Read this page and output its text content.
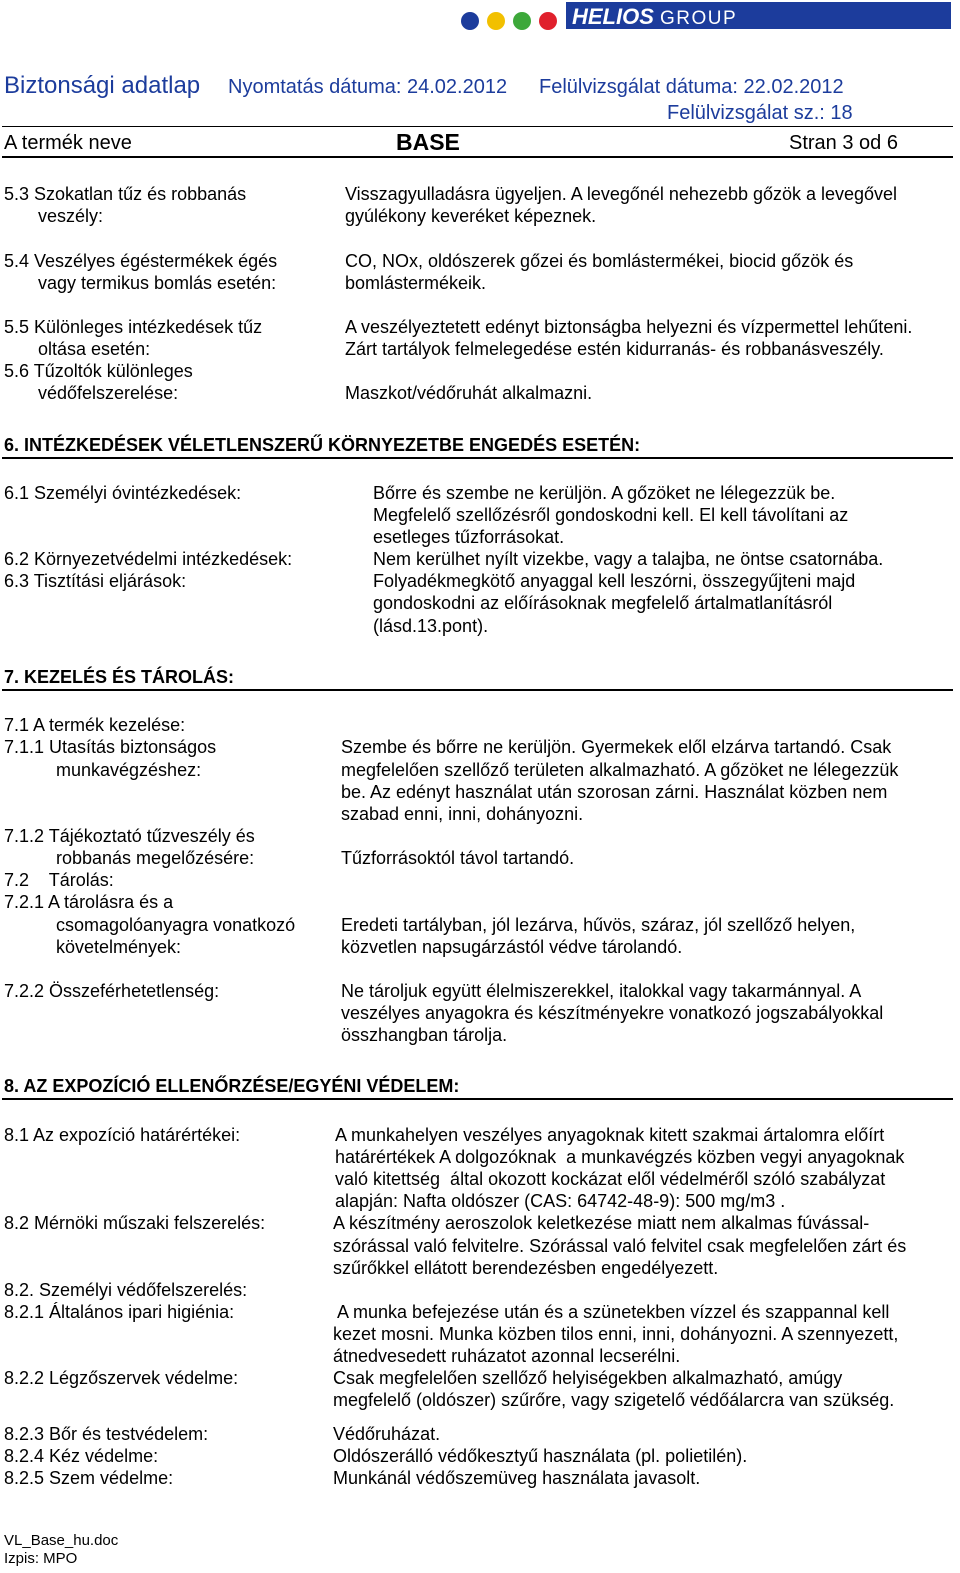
HELIOS GROUP
Biztonsági adatlap Nyomtatás dátuma: 24.02.2012 Felülvizsgálat dátuma: 22.02.2012
Felülvizsgálat sz.: 18
A termék neve	BASE	Stran 3 od 6
5.3 Szokatlan tűz és robbanás
veszély:
Visszagyulladásra ügyeljen. A levegőnél nehezebb gőzök a levegővel
gyúlékony keveréket képeznek.
5.4 Veszélyes égéstermékek égés
vagy termikus bomlás esetén:
CO, NOx, oldószerek gőzei és bomlástermékei, biocid gőzök és
bomlástermékeik.
5.5 Különleges intézkedések tűz
oltása esetén:
A veszélyeztetett edényt biztonságba helyezni és vízpermettel lehűteni.
Zárt tartályok felmelegedése estén kidurranás- és robbanásveszély.
5.6 Tűzoltók különleges
védőfelszerelése:	Maszkot/védőruhát alkalmazni.
6. INTÉZKEDÉSEK VÉLETLENSZERŰ KÖRNYEZETBE ENGEDÉS ESETÉN:
6.1 Személyi óvintézkedések:	Bőrre és szembe ne kerüljön. A gőzöket ne lélegezzük be.
Megfelelő szellőzésről gondoskodni kell. El kell távolítani az
esetleges tűzforrásokat.
6.2 Környezetvédelmi intézkedések:	Nem kerülhet nyílt vizekbe, vagy a talajba, ne öntse csatornába.
6.3 Tisztítási eljárások:	Folyadékmegkötő anyaggal kell leszórni, összegyűjteni majd
gondoskodni az előírásoknak megfelelő ártalmatlanításról
(lásd.13.pont).
7. KEZELÉS ÉS TÁROLÁS:
7.1 A termék kezelése:
7.1.1 Utasítás biztonságos
munkavégzéshez:
Szembe és bőrre ne kerüljön. Gyermekek elől elzárva tartandó. Csak
megfelelően szellőző területen alkalmazható. A gőzöket ne lélegezzük
be. Az edényt használat után szorosan zárni. Használat közben nem
szabad enni, inni, dohányozni.
7.1.2 Tájékoztató tűzveszély és
robbanás megelőzésére:	Tűzforrásoktól távol tartandó.
7.2    Tárolás:
7.2.1 A tárolásra és a
csomagolóanyagra vonatkozó
követelmények:
Eredeti tartályban, jól lezárva, hűvös, száraz, jól szellőző helyen,
közvetlen napsugárzástól védve tárolandó.
7.2.2 Összeférhetetlenség:	Ne tároljuk együtt élelmiszerekkel, italokkal vagy takarmánnyal. A
veszélyes anyagokra és készítményekre vonatkozó jogszabályokkal
összhangban tárolja.
8. AZ EXPOZÍCIÓ ELLENŐRZÉSE/EGYÉNI VÉDELEM:
8.1 Az expozíció határértékei:	A munkahelyen veszélyes anyagoknak kitett szakmai ártalomra előírt
határértékek A dolgozóknak  a munkavégzés közben vegyi anyagoknak
való kitettség  által okozott kockázat elől védelméről szóló szabályzat
alapján: Nafta oldószer (CAS: 64742-48-9): 500 mg/m3 .
8.2 Mérnöki műszaki felszerelés:	A készítmény aeroszolok keletkezése miatt nem alkalmas fúvással-
szórással való felvitelre. Szórással való felvitel csak megfelelően zárt és
szűrőkkel ellátott berendezésben engedélyezett.
8.2. Személyi védőfelszerelés:
8.2.1 Általános ipari higiénia:	A munka befejezése után és a szünetekben vízzel és szappannal kell
kezet mosni. Munka közben tilos enni, inni, dohányozni. A szennyezett,
átnedvesedett ruházatot azonnal lecserélni.
8.2.2 Légzőszervek védelme:	Csak megfelelően szellőző helyiségekben alkalmazható, amúgy
megfelelő (oldószer) szűrőre, vagy szigetelő védőálarcra van szükség.
8.2.3 Bőr és testvédelem:	Védőruházat.
8.2.4 Kéz védelme:	Oldószerálló védőkesztyű használata (pl. polietilén).
8.2.5 Szem védelme:	Munkánál védőszemüveg használata javasolt.
VL_Base_hu.doc
Izpis: MPO
